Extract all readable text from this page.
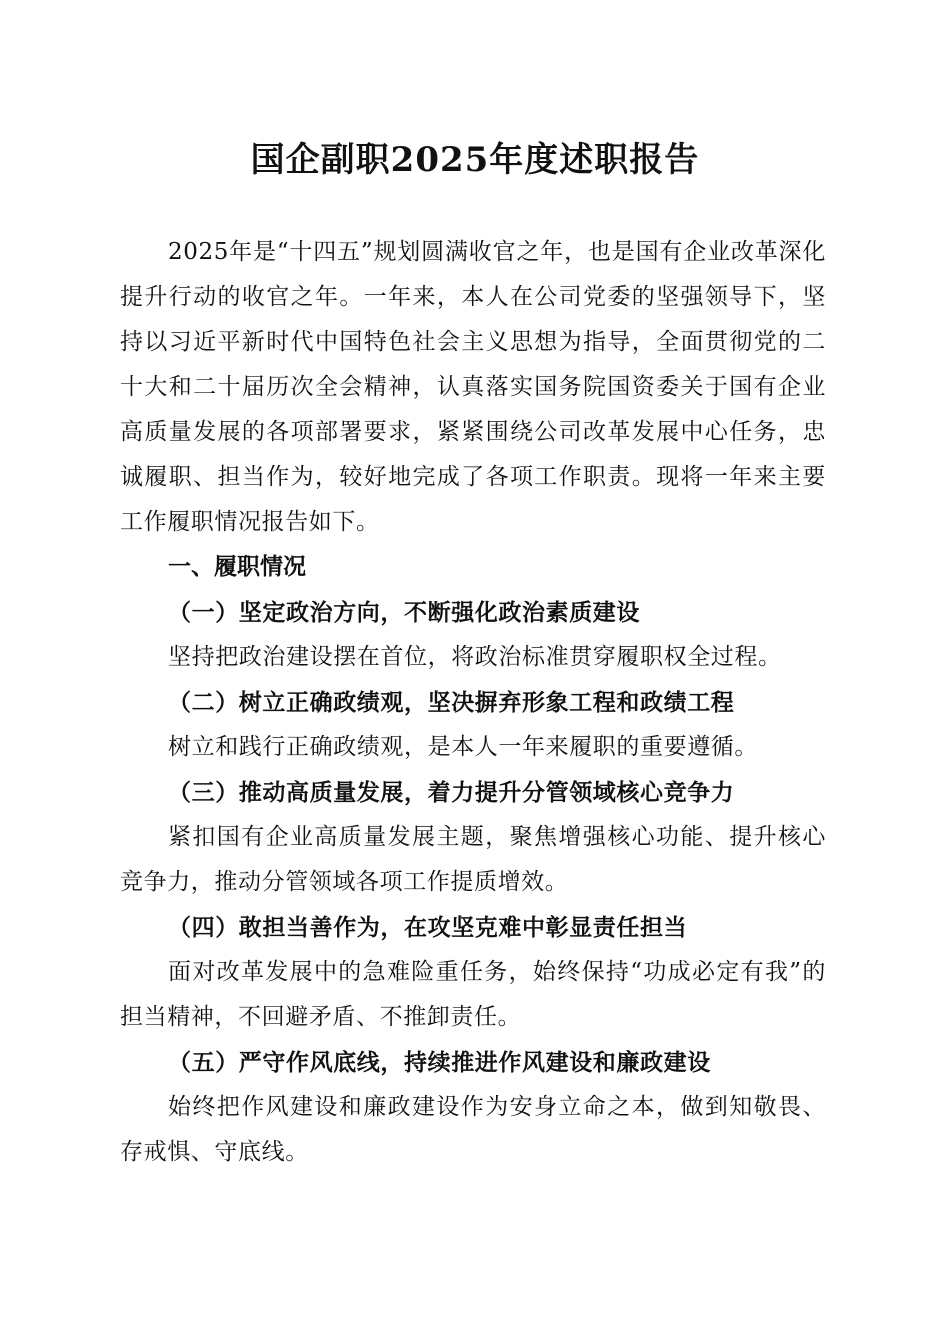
国企副职2025年度述职报告

2025年是“十四五”规划圆满收官之年，也是国有企业改革深化提升行动的收官之年。一年来，本人在公司党委的坚强领导下，坚持以习近平新时代中国特色社会主义思想为指导，全面贯彻党的二十大和二十届历次全会精神，认真落实国务院国资委关于国有企业高质量发展的各项部署要求，紧紧围绕公司改革发展中心任务，忠诚履职、担当作为，较好地完成了各项工作职责。现将一年来主要工作履职情况报告如下。

一、履职情况

（一）坚定政治方向，不断强化政治素质建设

坚持把政治建设摆在首位，将政治标准贯穿履职权全过程。

（二）树立正确政绩观，坚决摒弃形象工程和政绩工程

树立和践行正确政绩观，是本人一年来履职的重要遵循。

（三）推动高质量发展，着力提升分管领域核心竞争力

紧扣国有企业高质量发展主题，聚焦增强核心功能、提升核心竞争力，推动分管领域各项工作提质增效。

（四）敢担当善作为，在攻坚克难中彰显责任担当

面对改革发展中的急难险重任务，始终保持“功成必定有我”的担当精神，不回避矛盾、不推卸责任。

（五）严守作风底线，持续推进作风建设和廉政建设

始终把作风建设和廉政建设作为安身立命之本，做到知敬畏、存戒惧、守底线。
